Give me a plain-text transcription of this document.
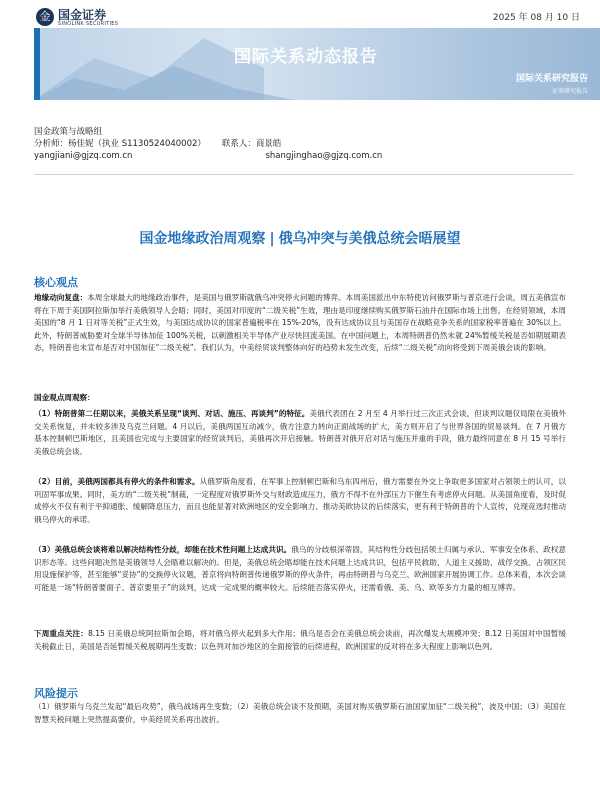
金 国金证券
SINOLINK SECURITIES
2025 年 08 月 10 日
国际关系动态报告
国际关系研究报告
证券研究报告
国金政策与战略组
分析师：杨佳妮（执业 S1130524040002） 联系人：商景皓
yangjiani@gjzq.com.cn	shangjinghao@gjzq.com.cn
国金地缘政治周观察 | 俄乌冲突与美俄总统会晤展望
核心观点
地缘动向复盘：本周全球最大的地缘政治事件，是美国与俄罗斯就俄乌冲突停火问题的博弈。本周美国派出中东特使访问俄罗斯与普京进行会谈，周五美俄宣布将在下周于美国阿拉斯加举行美俄领导人会晤；同时，美国对印度的“二级关税”生效，理由是印度继续购买俄罗斯石油并在国际市场上出售。在经贸领域，本周美国的“8 月 1 日对等关税”正式生效，与美国达成协议的国家普遍税率在 15%-20%，没有达成协议且与美国存在战略竞争关系的国家税率普遍在 30%以上。此外，特朗普威胁要对全球半导体加征 100%关税，以刺激相关半导体产业尽快回流美国。在中国问题上，本周特朗普仍然未就 24%暂缓关税是否如期展期表态，特朗普也未宣布是否对中国加征“二级关税”。我们认为，中美经贸谈判整体向好的趋势未发生改变，后续“二级关税”动向将受到下周美俄会谈的影响。
国金观点周观察：
（1）特朗普第二任期以来，美俄关系呈现“谈判、对话、施压、再谈判”的特征。美俄代表团在 2 月至 4 月举行过三次正式会谈，但谈判议题仅局限在美俄外交关系恢复，并未较多涉及乌克兰问题。4 月以后，美俄两国互动减少，俄方注意力转向正面战场的扩大，美方则开启了与世界各国的贸易谈判。在 7 月俄方基本控制顿巴斯地区，且美国也完成与主要国家的经贸谈判后，美俄再次开启接触。特朗普对俄开启对话与施压并重的手段，俄方最终同意在 8 月 15 号举行美俄总统会谈。
（2）目前，美俄两国都具有停火的条件和需求。从俄罗斯角度看，在军事上控制顿巴斯和乌东四州后，俄方需要在外交上争取更多国家对占领领土的认可，以巩固军事成果。同时，美方的“二级关税”制裁，一定程度对俄罗斯外交与财政造成压力，俄方不得不在外部压力下催生有考虑停火问题。从美国角度看，及时促成停火不仅有利于平抑通胀、缓解降息压力，而且也能显著对欧洲地区的安全影响力、推动美欧协议的后续落实，更有利于特朗普的个人宣传，兑现竞选时推动俄乌停火的承诺。
（3）美俄总统会谈将难以解决结构性分歧，却能在技术性问题上达成共识。俄乌的分歧根深蒂固，其结构性分歧包括领土归属与承认、军事安全体系、政权意识形态等。这些问题决然是美俄领导人会晤难以解决的。但是，美俄总统会晤却能在技术问题上达成共识，包括平民救助、人道主义援助、战俘交换、占领区民用设施保护等，甚至能够“妥协”的交换停火议题，普京将向特朗普传递俄罗斯的停火条件，再由特朗普与乌克兰、欧洲国家开展协调工作。总体来看，本次会谈可能是一场“特朗普要面子、普京要里子”的谈判，达成一定成果的概率较大。后续能否落实停火，还需看俄、美、乌、欧等多方力量的相互博弈。
下周重点关注：8.15 日美俄总统阿拉斯加会晤，将对俄乌停火起到多大作用；俄乌是否会在美俄总统会谈前，再次爆发大规模冲突；8.12 日美国对中国暂缓关税截止日，美国是否延暂缓关税展期再生变数；以色列对加沙地区的全面接管的后续进程，欧洲国家的反对将在多大程度上影响以色列。
风险提示
（1）俄罗斯与乌克兰发起“最后攻势”，俄乌战场再生变数；（2）美俄总统会谈不及预期，美国对购买俄罗斯石油国家加征“二级关税”，波及中国；（3）美国在智慧关税问题上突然提高要价，中美经贸关系再出波折。
